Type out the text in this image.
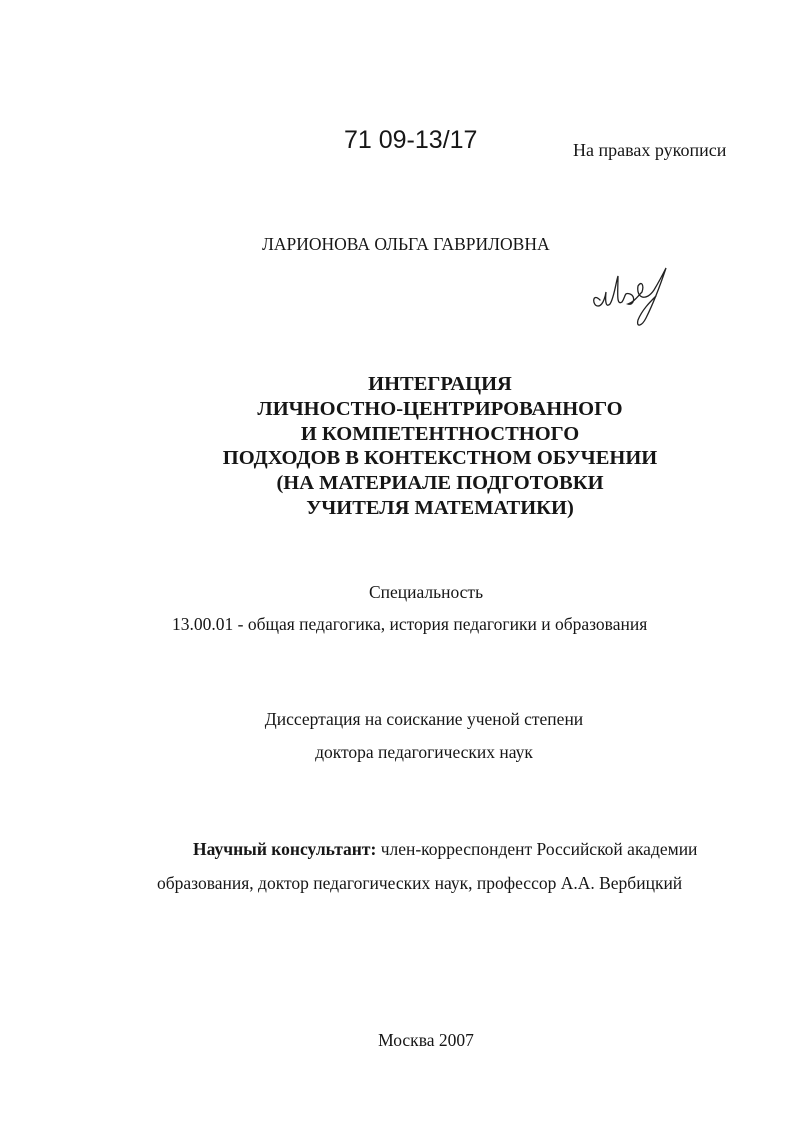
71 09-13/17	На правах рукописи
ЛАРИОНОВА ОЛЬГА ГАВРИЛОВНА
ИНТЕГРАЦИЯ
ЛИЧНОСТНО-ЦЕНТРИРОВАННОГО
И КОМПЕТЕНТНОСТНОГО
ПОДХОДОВ В КОНТЕКСТНОМ ОБУЧЕНИИ
(НА МАТЕРИАЛЕ ПОДГОТОВКИ
УЧИТЕЛЯ МАТЕМАТИКИ)
Специальность
13.00.01 - общая педагогика, история педагогики и образования
Диссертация на соискание ученой степени
доктора педагогических наук
Научный консультант: член-корреспондент Российской академии
образования, доктор педагогических наук, профессор А.А. Вербицкий
Москва 2007
